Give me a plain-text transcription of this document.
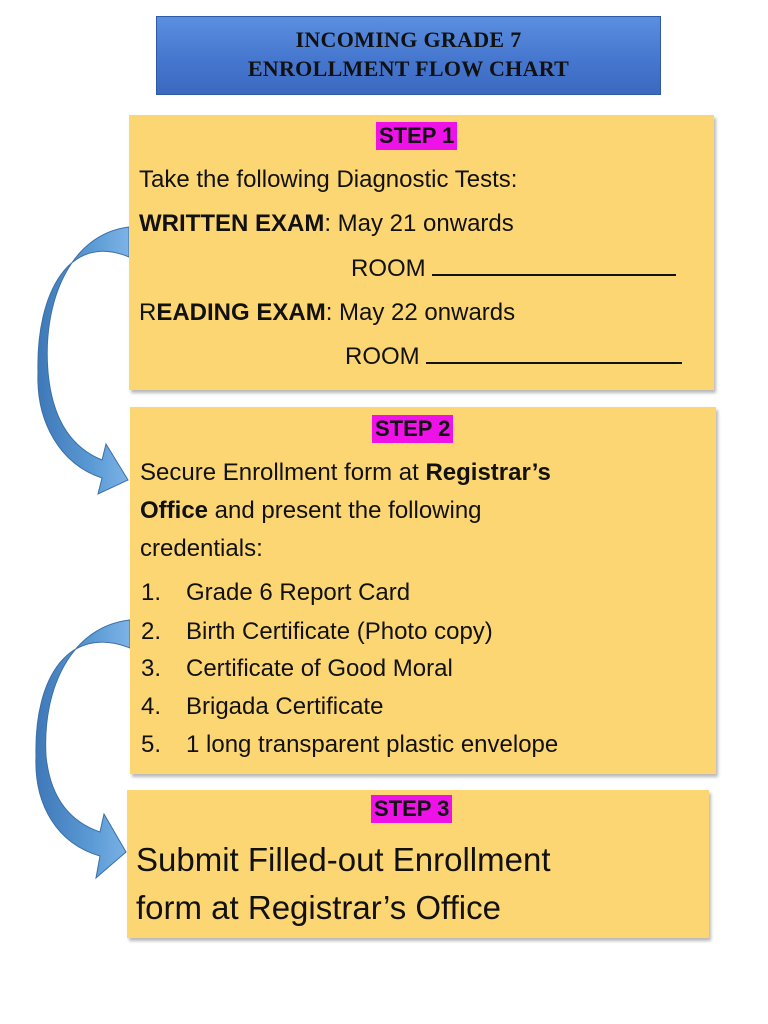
INCOMING GRADE 7
ENROLLMENT FLOW CHART
STEP 1
Take the following Diagnostic Tests:
WRITTEN EXAM: May 21 onwards
ROOM
READING EXAM: May 22 onwards
ROOM
STEP 2
Secure Enrollment form at Registrar’s
Office and present the following
credentials:
1. Grade 6 Report Card
2. Birth Certificate (Photo copy)
3. Certificate of Good Moral
4. Brigada Certificate
5. 1 long transparent plastic envelope
STEP 3
Submit Filled-out Enrollment
form at Registrar’s Office
